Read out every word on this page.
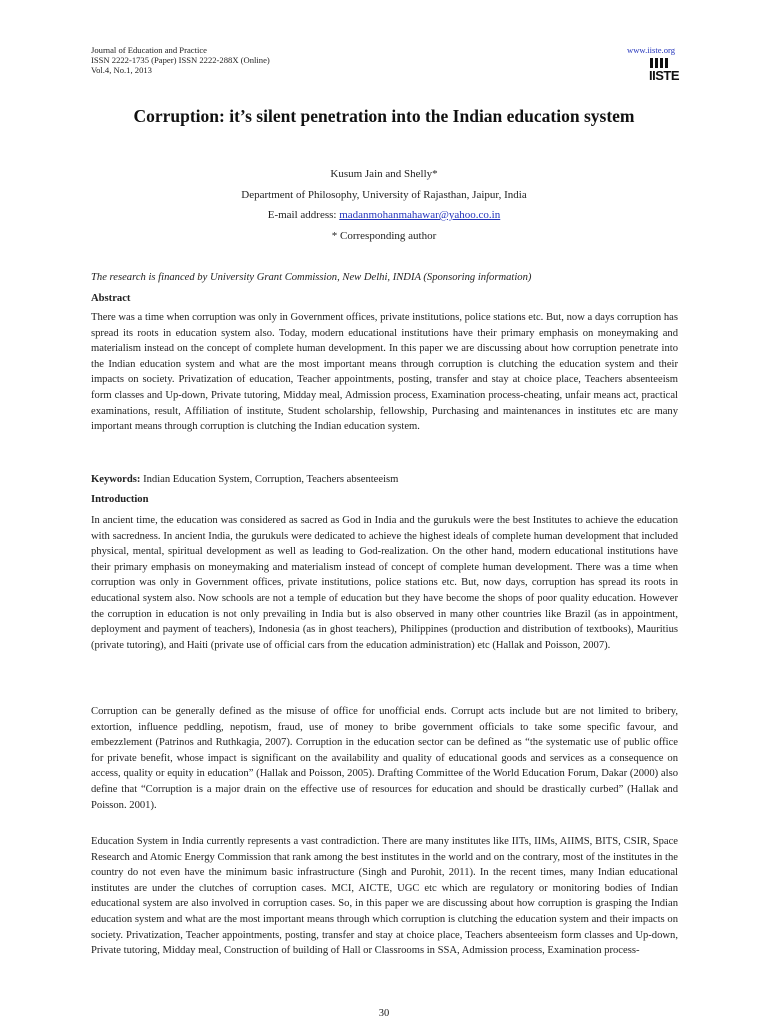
Journal of Education and Practice
ISSN 2222-1735 (Paper) ISSN 2222-288X (Online)
Vol.4, No.1, 2013
www.iiste.org
IISTE
Corruption: it’s silent penetration into the Indian education system
Kusum Jain and Shelly*
Department of Philosophy, University of Rajasthan, Jaipur, India
E-mail address: madanmohanmahawar@yahoo.co.in
* Corresponding author
The research is financed by University Grant Commission, New Delhi, INDIA (Sponsoring information)
Abstract

There was a time when corruption was only in Government offices, private institutions, police stations etc. But, now a days corruption has spread its roots in education system also. Today, modern educational institutions have their primary emphasis on moneymaking and materialism instead on the concept of complete human development. In this paper we are discussing about how corruption penetrate into the Indian education system and what are the most important means through corruption is clutching the education system and their impacts on society. Privatization of education, Teacher appointments, posting, transfer and stay at choice place, Teachers absenteeism form classes and Up-down, Private tutoring, Midday meal, Admission process, Examination process-cheating, unfair means act, practical examinations, result, Affiliation of institute, Student scholarship, fellowship, Purchasing and maintenances in institutes etc are many important means through corruption is clutching the Indian education system.

Keywords: Indian Education System, Corruption, Teachers absenteeism
Introduction

In ancient time, the education was considered as sacred as God in India and the gurukuls were the best Institutes to achieve the education with sacredness. In ancient India, the gurukuls were dedicated to achieve the highest ideals of complete human development that included physical, mental, spiritual development as well as leading to God-realization. On the other hand, modern educational institutions have their primary emphasis on moneymaking and materialism instead of concept of complete human development. There was a time when corruption was only in Government offices, private institutions, police stations etc. But, now days, corruption has spread its roots in educational system also. Now schools are not a temple of education but they have become the shops of poor quality education. However the corruption in education is not only prevailing in India but is also observed in many other countries like Brazil (as in appointment, deployment and payment of teachers), Indonesia (as in ghost teachers), Philippines (production and distribution of textbooks), Mauritius (private tutoring), and Haiti (private use of official cars from the education administration) etc (Hallak and Poisson, 2007).

Corruption can be generally defined as the misuse of office for unofficial ends. Corrupt acts include but are not limited to bribery, extortion, influence peddling, nepotism, fraud, use of money to bribe government officials to take some specific favour, and embezzlement (Patrinos and Ruthkagia, 2007). Corruption in the education sector can be defined as “the systematic use of public office for private benefit, whose impact is significant on the availability and quality of educational goods and services as a consequence on access, quality or equity in education” (Hallak and Poisson, 2005). Drafting Committee of the World Education Forum, Dakar (2000) also define that “Corruption is a major drain on the effective use of resources for education and should be drastically curbed” (Hallak and Poisson. 2001).

Education System in India currently represents a vast contradiction. There are many institutes like IITs, IIMs, AIIMS, BITS, CSIR, Space Research and Atomic Energy Commission that rank among the best institutes in the world and on the contrary, most of the institutes in the country do not even have the minimum basic infrastructure (Singh and Purohit, 2011). In the recent times, many Indian educational institutes are under the clutches of corruption cases. MCI, AICTE, UGC etc which are regulatory or monitoring bodies of Indian educational system are also involved in corruption cases. So, in this paper we are discussing about how corruption is grasping the Indian education system and what are the most important means through which corruption is clutching the education system and their impacts on society. Privatization, Teacher appointments, posting, transfer and stay at choice place, Teachers absenteeism form classes and Up-down, Private tutoring, Midday meal, Construction of building of Hall or Classrooms in SSA, Admission process, Examination process-

30
